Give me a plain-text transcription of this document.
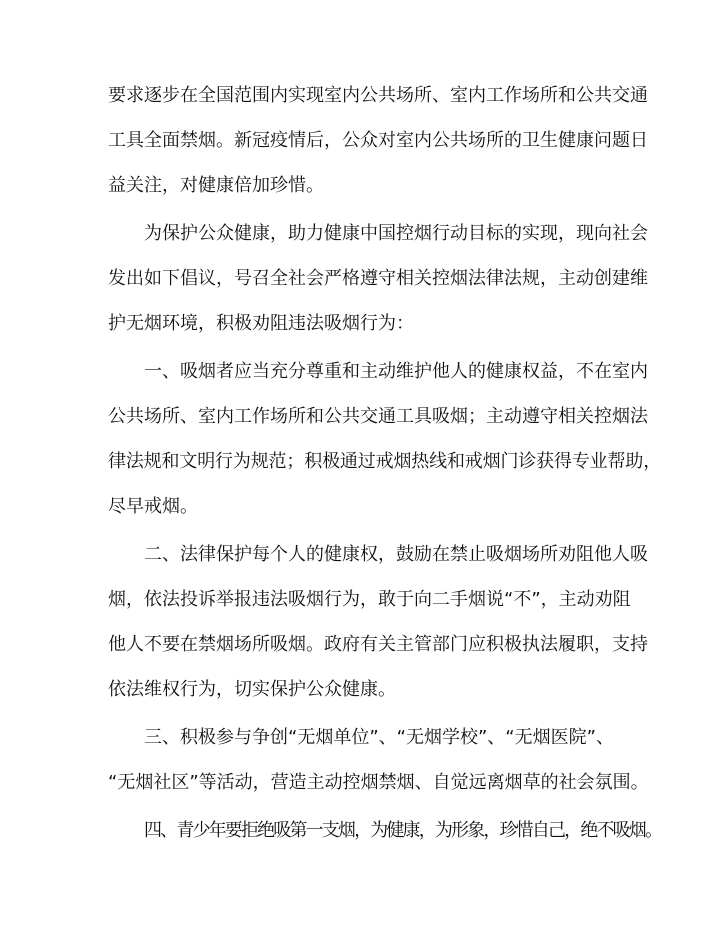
要求逐步在全国范围内实现室内公共场所、室内工作场所和公共交通
工具全面禁烟。新冠疫情后，公众对室内公共场所的卫生健康问题日
益关注，对健康倍加珍惜。
为保护公众健康，助力健康中国控烟行动目标的实现，现向社会
发出如下倡议，号召全社会严格遵守相关控烟法律法规，主动创建维
护无烟环境，积极劝阻违法吸烟行为：
一、吸烟者应当充分尊重和主动维护他人的健康权益，不在室内
公共场所、室内工作场所和公共交通工具吸烟；主动遵守相关控烟法
律法规和文明行为规范；积极通过戒烟热线和戒烟门诊获得专业帮助，
尽早戒烟。
二、法律保护每个人的健康权，鼓励在禁止吸烟场所劝阻他人吸
烟，依法投诉举报违法吸烟行为，敢于向二手烟说“不”，主动劝阻
他人不要在禁烟场所吸烟。政府有关主管部门应积极执法履职，支持
依法维权行为，切实保护公众健康。
三、积极参与争创“无烟单位”、“无烟学校”、“无烟医院”、
“无烟社区”等活动，营造主动控烟禁烟、自觉远离烟草的社会氛围。
四、青少年要拒绝吸第一支烟，为健康，为形象，珍惜自己，绝不吸烟。
